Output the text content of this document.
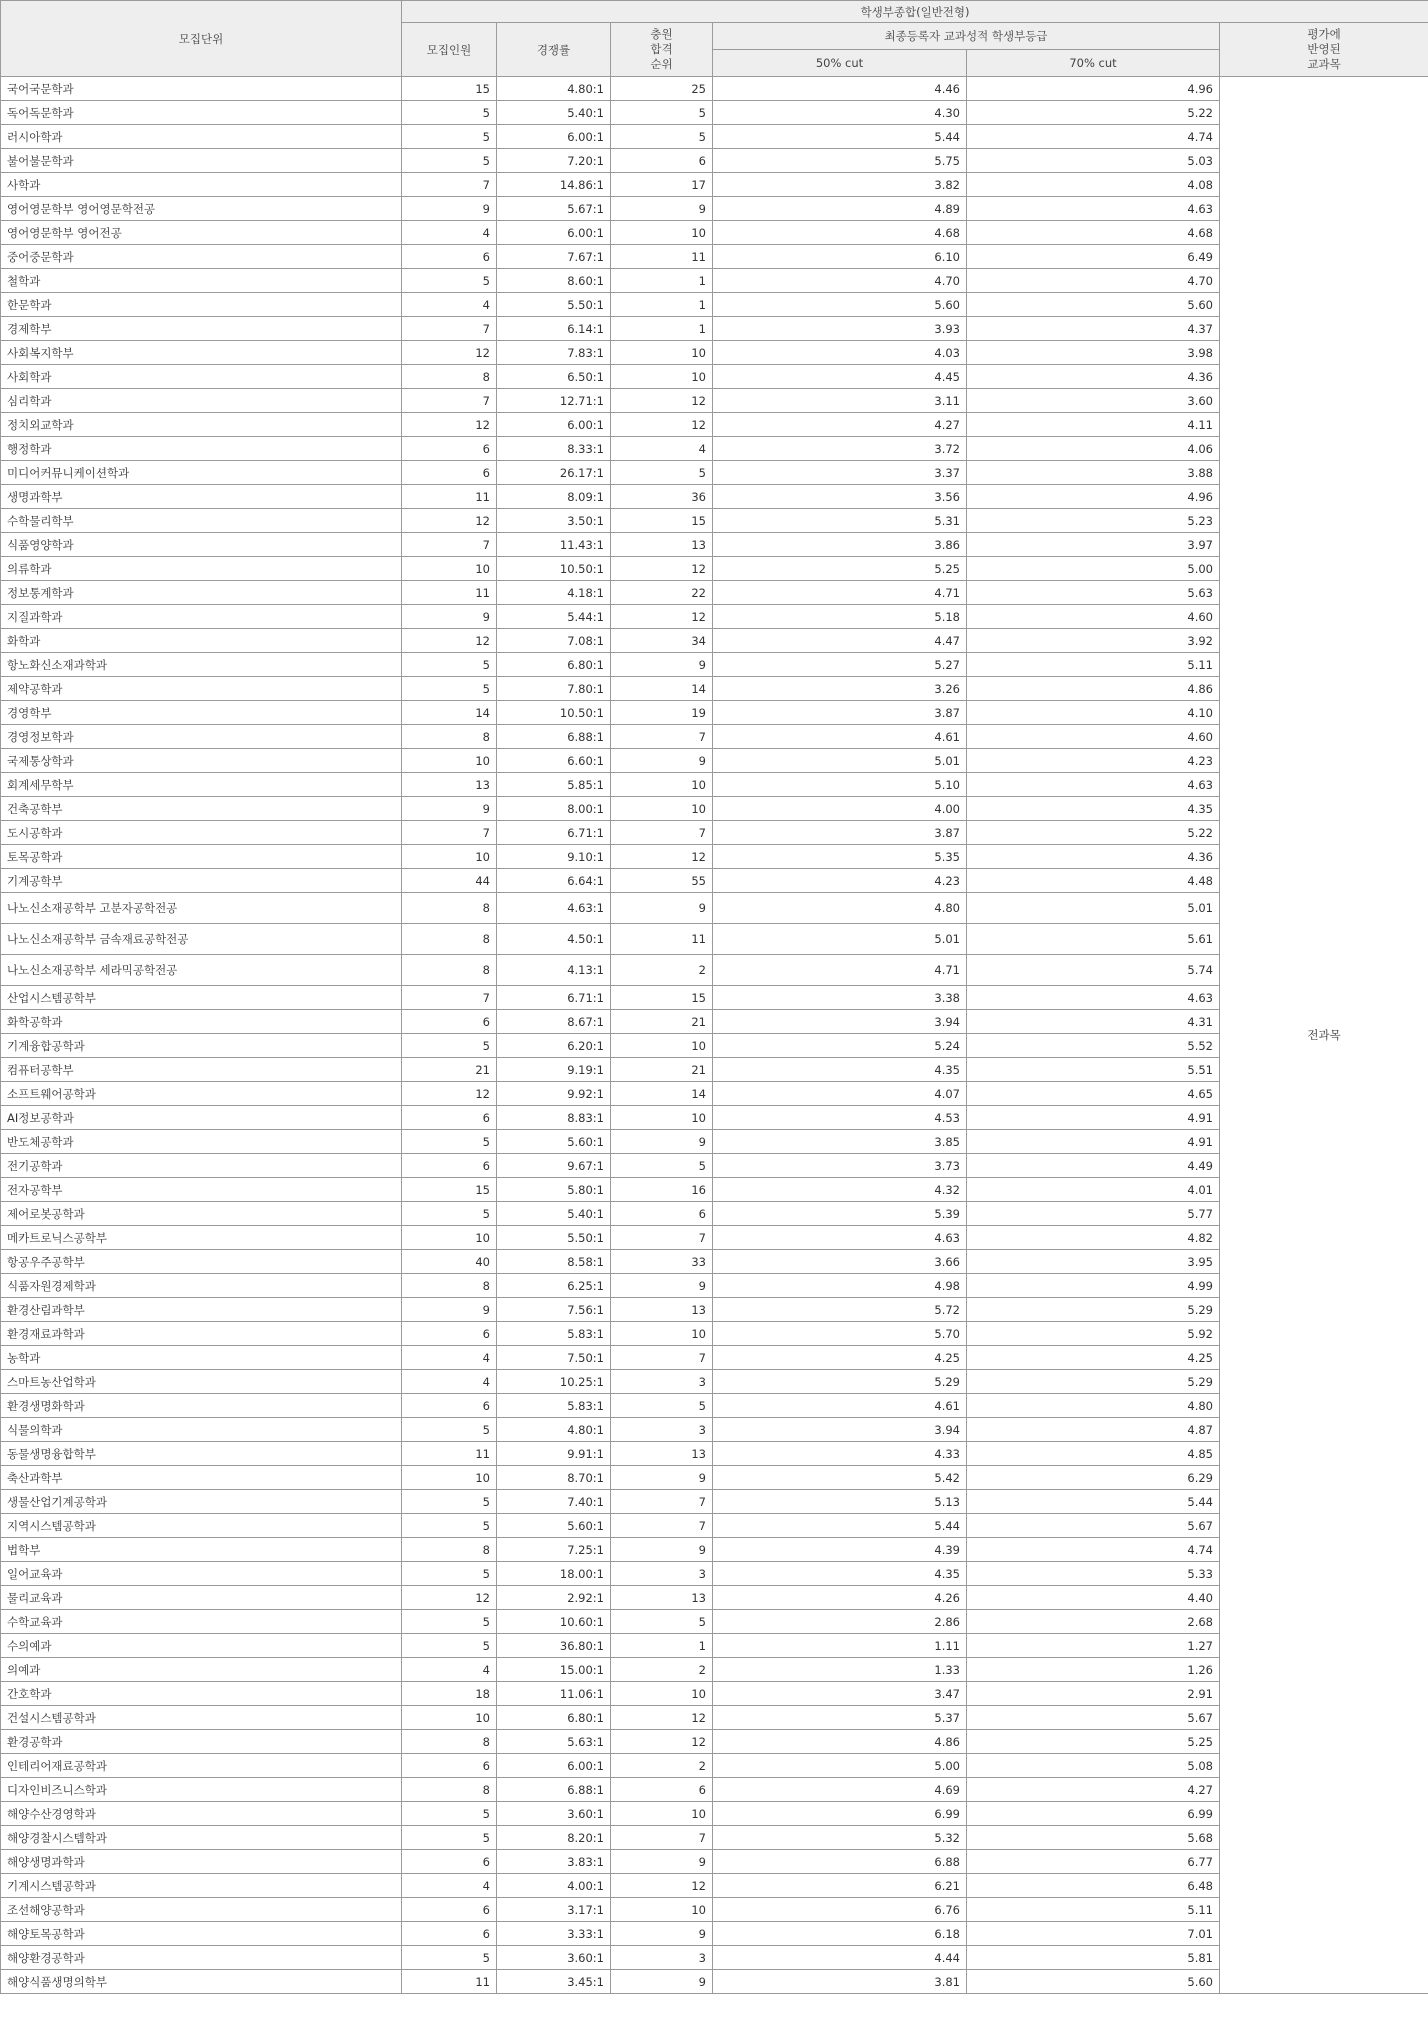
모집단위	학생부종합(일반전형)					
	모집인원	경쟁률	충원
합격
순위	최종등록자 교과성적 학생부등급		평가에
반영된
교과목
				50% cut	70% cut	
국어국문학과	15	4.80:1	25	4.46	4.96	전과목
독어독문학과	5	5.40:1	5	4.30	5.22	
러시아학과	5	6.00:1	5	5.44	4.74	
불어불문학과	5	7.20:1	6	5.75	5.03	
사학과	7	14.86:1	17	3.82	4.08	
영어영문학부 영어영문학전공	9	5.67:1	9	4.89	4.63	
영어영문학부 영어전공	4	6.00:1	10	4.68	4.68	
중어중문학과	6	7.67:1	11	6.10	6.49	
철학과	5	8.60:1	1	4.70	4.70	
한문학과	4	5.50:1	1	5.60	5.60	
경제학부	7	6.14:1	1	3.93	4.37	
사회복지학부	12	7.83:1	10	4.03	3.98	
사회학과	8	6.50:1	10	4.45	4.36	
심리학과	7	12.71:1	12	3.11	3.60	
정치외교학과	12	6.00:1	12	4.27	4.11	
행정학과	6	8.33:1	4	3.72	4.06	
미디어커뮤니케이션학과	6	26.17:1	5	3.37	3.88	
생명과학부	11	8.09:1	36	3.56	4.96	
수학물리학부	12	3.50:1	15	5.31	5.23	
식품영양학과	7	11.43:1	13	3.86	3.97	
의류학과	10	10.50:1	12	5.25	5.00	
정보통계학과	11	4.18:1	22	4.71	5.63	
지질과학과	9	5.44:1	12	5.18	4.60	
화학과	12	7.08:1	34	4.47	3.92	
항노화신소재과학과	5	6.80:1	9	5.27	5.11	
제약공학과	5	7.80:1	14	3.26	4.86	
경영학부	14	10.50:1	19	3.87	4.10	
경영정보학과	8	6.88:1	7	4.61	4.60	
국제통상학과	10	6.60:1	9	5.01	4.23	
회계세무학부	13	5.85:1	10	5.10	4.63	
건축공학부	9	8.00:1	10	4.00	4.35	
도시공학과	7	6.71:1	7	3.87	5.22	
토목공학과	10	9.10:1	12	5.35	4.36	
기계공학부	44	6.64:1	55	4.23	4.48	
나노신소재공학부 고분자공학전공	8	4.63:1	9	4.80	5.01	
나노신소재공학부 금속재료공학전공	8	4.50:1	11	5.01	5.61	
나노신소재공학부 세라믹공학전공	8	4.13:1	2	4.71	5.74	
산업시스템공학부	7	6.71:1	15	3.38	4.63	
화학공학과	6	8.67:1	21	3.94	4.31	
기계융합공학과	5	6.20:1	10	5.24	5.52	
컴퓨터공학부	21	9.19:1	21	4.35	5.51	
소프트웨어공학과	12	9.92:1	14	4.07	4.65	
AI정보공학과	6	8.83:1	10	4.53	4.91	
반도체공학과	5	5.60:1	9	3.85	4.91	
전기공학과	6	9.67:1	5	3.73	4.49	
전자공학부	15	5.80:1	16	4.32	4.01	
제어로봇공학과	5	5.40:1	6	5.39	5.77	
메카트로닉스공학부	10	5.50:1	7	4.63	4.82	
항공우주공학부	40	8.58:1	33	3.66	3.95	
식품자원경제학과	8	6.25:1	9	4.98	4.99	
환경산림과학부	9	7.56:1	13	5.72	5.29	
환경재료과학과	6	5.83:1	10	5.70	5.92	
농학과	4	7.50:1	7	4.25	4.25	
스마트농산업학과	4	10.25:1	3	5.29	5.29	
환경생명화학과	6	5.83:1	5	4.61	4.80	
식물의학과	5	4.80:1	3	3.94	4.87	
동물생명융합학부	11	9.91:1	13	4.33	4.85	
축산과학부	10	8.70:1	9	5.42	6.29	
생물산업기계공학과	5	7.40:1	7	5.13	5.44	
지역시스템공학과	5	5.60:1	7	5.44	5.67	
법학부	8	7.25:1	9	4.39	4.74	
일어교육과	5	18.00:1	3	4.35	5.33	
물리교육과	12	2.92:1	13	4.26	4.40	
수학교육과	5	10.60:1	5	2.86	2.68	
수의예과	5	36.80:1	1	1.11	1.27	
의예과	4	15.00:1	2	1.33	1.26	
간호학과	18	11.06:1	10	3.47	2.91	
건설시스템공학과	10	6.80:1	12	5.37	5.67	
환경공학과	8	5.63:1	12	4.86	5.25	
인테리어재료공학과	6	6.00:1	2	5.00	5.08	
디자인비즈니스학과	8	6.88:1	6	4.69	4.27	
해양수산경영학과	5	3.60:1	10	6.99	6.99	
해양경찰시스템학과	5	8.20:1	7	5.32	5.68	
해양생명과학과	6	3.83:1	9	6.88	6.77	
기계시스템공학과	4	4.00:1	12	6.21	6.48	
조선해양공학과	6	3.17:1	10	6.76	5.11	
해양토목공학과	6	3.33:1	9	6.18	7.01	
해양환경공학과	5	3.60:1	3	4.44	5.81	
해양식품생명의학부	11	3.45:1	9	3.81	5.60	
